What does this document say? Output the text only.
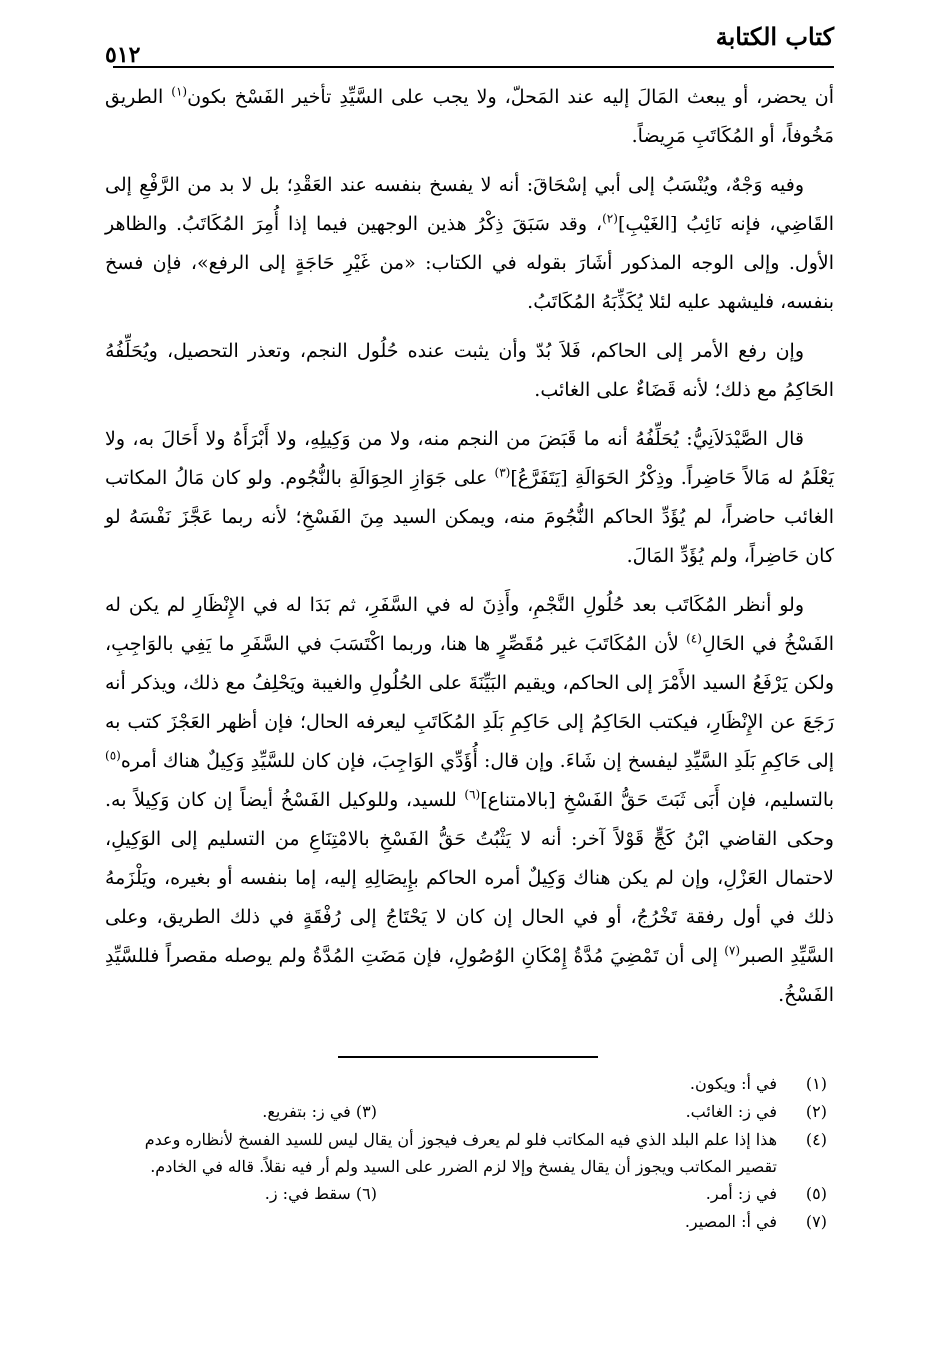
كتاب الكتابة
٥١٢

أن يحضر، أو يبعث المَالَ إليه عند المَحلّ، ولا يجب على السَّيِّدِ تأخير الفَسْخ بكون$^{(١)}$ الطريق مَخُوفاً، أو المُكَاتَبِ مَرِيضاً.

وفيه وَجْهٌ، ويُنْسَبُ إلى أبي إسْحَاقَ: أنه لا يفسخ بنفسه عند العَقْدِ؛ بل لا بد من الرَّفْعِ إلى القَاضِي، فإنه نَائِبُ [الغَيْبِ]$^{(٢)}$، وقد سَبَقَ ذِكْرُ هذين الوجهين فيما إذا أُمِرَ المُكَاتَبُ. والظاهر الأول. وإلى الوجه المذكور أشَارَ بقوله في الكتاب: «من غَيْرِ حَاجَةٍ إلى الرفع»، فإن فسخ بنفسه، فليشهد عليه لئلا يُكَذِّبَهُ المُكَاتَبُ.

وإن رفع الأمر إلى الحاكم، فَلاَ بُدّ وأن يثبت عنده حُلُول النجم، وتعذر التحصيل، ويُحَلِّفُهُ الحَاكِمُ مع ذلك؛ لأنه قَضَاءٌ على الغائب.

قال الصَّيْدَلاَنِيُّ: يُحَلِّفُهُ أنه ما قَبَضَ من النجم منه، ولا من وَكِيلِهِ، ولا أَبْرَأَهُ ولا أَحَالَ به، ولا يَعْلَمُ له مَالاً حَاضِراً. وذِكْرُ الحَوَالَةِ [يَتَفَرَّعُ]$^{(٣)}$ على جَوَازِ الحِوَالَةِ بالنُّجُوم. ولو كان مَالُ المكاتب الغائب حاضراً، لم يُؤَدِّ الحاكم النُّجُومَ منه، ويمكن السيد مِنَ الفَسْخِ؛ لأنه ربما عَجَّزَ نَفْسَهُ لو كان حَاضِراً، ولم يُؤَدِّ المَالَ.

ولو أنظر المُكَاتَب بعد حُلُولِ النَّجْمِ، وأَذِنَ له في السَّفَرِ، ثم بَدَا له في الإِنْظَارِ لم يكن له الفَسْخُ في الحَالِ$^{(٤)}$ لأن المُكَاتَبَ غير مُقَصِّرٍ ها هنا، وربما اكْتَسَبَ في السَّفَرِ ما يَفِي بالوَاجِبِ، ولكن يَرْفَعُ السيد الأَمْرَ إلى الحاكم، ويقيم البَيِّنَةَ على الحُلُولِ والغيبة ويَحْلِفُ مع ذلك، ويذكر أنه رَجَعَ عن الإِنْظَارِ، فيكتب الحَاكِمُ إلى حَاكِمِ بَلَدِ المُكَاتَبِ ليعرفه الحال؛ فإن أظهر العَجْزَ كتب به إلى حَاكِمِ بَلَدِ السَّيِّدِ ليفسخ إن شَاءَ. وإن قال: أُؤَدِّي الوَاجِبَ، فإن كان للسَّيِّدِ وَكِيلٌ هناك أمره$^{(٥)}$ بالتسليم، فإن أَبَى ثَبَتَ حَقُّ الفَسْخِ [بالامتناع]$^{(٦)}$ للسيد، وللوكيل الفَسْخُ أيضاً إن كان وَكِيلاً به. وحكى القاضي ابْنُ كَجٍّ قَوْلاً آخر: أنه لا يَثْبُتُ حَقُّ الفَسْخِ بالامْتِنَاعِ من التسليم إلى الوَكِيلِ، لاحتمال العَزْلِ، وإن لم يكن هناك وَكِيلٌ أمره الحاكم بإِيصَالِهِ إليه، إما بنفسه أو بغيره، ويَلْزَمهُ ذلك في أول رفقة تَخْرُجُ، أو في الحال إن كان لا يَحْتَاجُ إلى رُفْقَةٍ في ذلك الطريق، وعلى السَّيِّدِ الصبر$^{(٧)}$ إلى أن تَمْضِيَ مُدَّةُ إِمْكَانِ الوُصُولِ، فإن مَضَتِ المُدَّةُ ولم يوصله مقصراً فللسَّيِّدِ الفَسْخُ.

(١)
في أ: ويكون.
(٢)
في ز: الغائب.
(٣) في ز: بتفريع.
(٤)
هذا إذا علم البلد الذي فيه المكاتب فلو لم يعرف فيجوز أن يقال ليس للسيد الفسخ لأنظاره وعدم تقصير المكاتب ويجوز أن يقال يفسخ وإلا لزم الضرر على السيد ولم أر فيه نقلاً. قاله في الخادم.
(٥)
في ز: أمر.
(٦) سقط في: ز.
(٧)
في أ: المصير.
